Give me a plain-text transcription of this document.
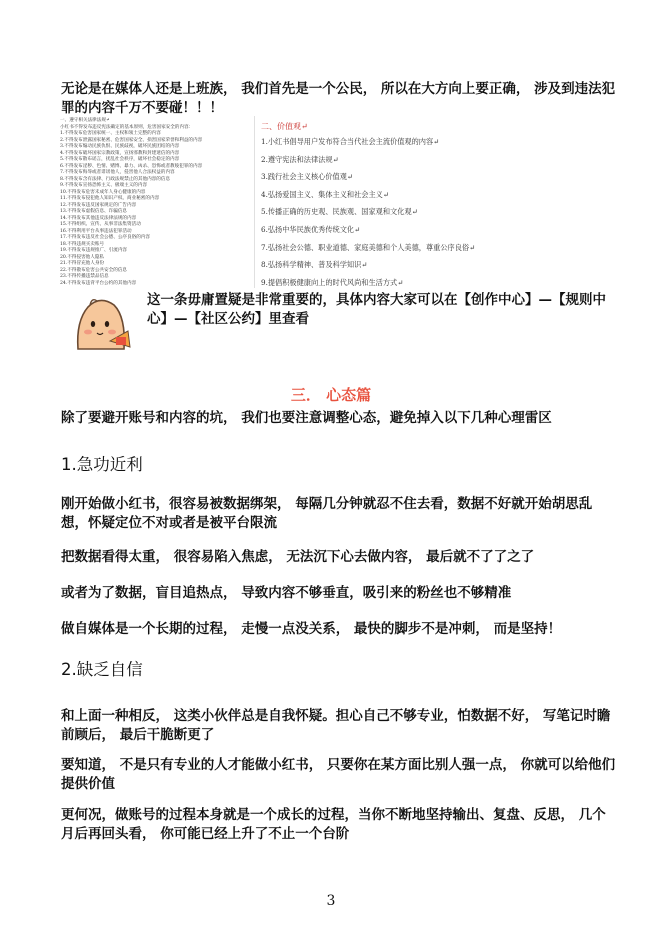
无论是在媒体人还是上班族， 我们首先是一个公民， 所以在大方向上要正确， 涉及到违法犯罪的内容千万不要碰！！！
一、遵守相关法律法规↵
小红书不得发布违反宪法确定的基本原则，危害国家安全的内容：
1.不得发布危害国家统一、主权和领土完整的内容
2.不得发布泄露国家秘密、危害国家安全、损害国家荣誉和利益的内容
3.不得发布煽动民族仇恨、民族歧视，破坏民族团结的内容
4.不得发布破坏国家宗教政策，宣扬邪教和封建迷信的内容
5.不得发布散布谣言，扰乱社会秩序，破坏社会稳定的内容
6.不得发布淫秽、色情、赌博、暴力、凶杀、恐怖或者教唆犯罪的内容
7.不得发布侮辱或者诽谤他人，侵害他人合法权益的内容
8.不得发布含有法律、行政法规禁止的其他内容的信息
9.不得发布宣扬恐怖主义、极端主义的内容
10.不得发布危害未成年人身心健康的内容
11.不得发布侵犯他人知识产权、商业秘密的内容
12.不得发布违反国家规定的广告内容
13.不得发布虚假信息、诈骗信息
14.不得发布其他违反法律法规的内容
15.不得组织、宣传、从事非法集资活动
16.不得利用平台从事违法犯罪活动
17.不得发布违反社会公德、公序良俗的内容
18.不得违规买卖账号
19.不得发布违规推广、引流内容
20.不得侵害他人隐私
21.不得冒充他人身份
22.不得散布危害公共安全的信息
23.不得传播违禁品信息
24.不得发布违背平台公约的其他内容
二、价值观↵
1.小红书倡导用户发布符合当代社会主流价值观的内容↵
2.遵守宪法和法律法规↵
3.践行社会主义核心价值观↵
4.弘扬爱国主义、集体主义和社会主义↵
5.传播正确的历史观、民族观、国家观和文化观↵
6.弘扬中华民族优秀传统文化↵
7.弘扬社会公德、职业道德、家庭美德和个人美德，尊重公序良俗↵
8.弘扬科学精神、普及科学知识↵
9.提倡积极健康向上的时代风尚和生活方式↵
这一条毋庸置疑是非常重要的，具体内容大家可以在【创作中心】—【规则中心】—【社区公约】里查看
三． 心态篇
除了要避开账号和内容的坑， 我们也要注意调整心态，避免掉入以下几种心理雷区
1.急功近利
刚开始做小红书，很容易被数据绑架， 每隔几分钟就忍不住去看，数据不好就开始胡思乱想，怀疑定位不对或者是被平台限流
把数据看得太重， 很容易陷入焦虑， 无法沉下心去做内容， 最后就不了了之了
或者为了数据，盲目追热点， 导致内容不够垂直，吸引来的粉丝也不够精准
做自媒体是一个长期的过程， 走慢一点没关系， 最快的脚步不是冲刺， 而是坚持！
2.缺乏自信
和上面一种相反， 这类小伙伴总是自我怀疑。担心自己不够专业，怕数据不好， 写笔记时瞻前顾后， 最后干脆断更了
要知道， 不是只有专业的人才能做小红书， 只要你在某方面比别人强一点， 你就可以给他们提供价值
更何况，做账号的过程本身就是一个成长的过程，当你不断地坚持输出、复盘、反思， 几个月后再回头看， 你可能已经上升了不止一个台阶
3
